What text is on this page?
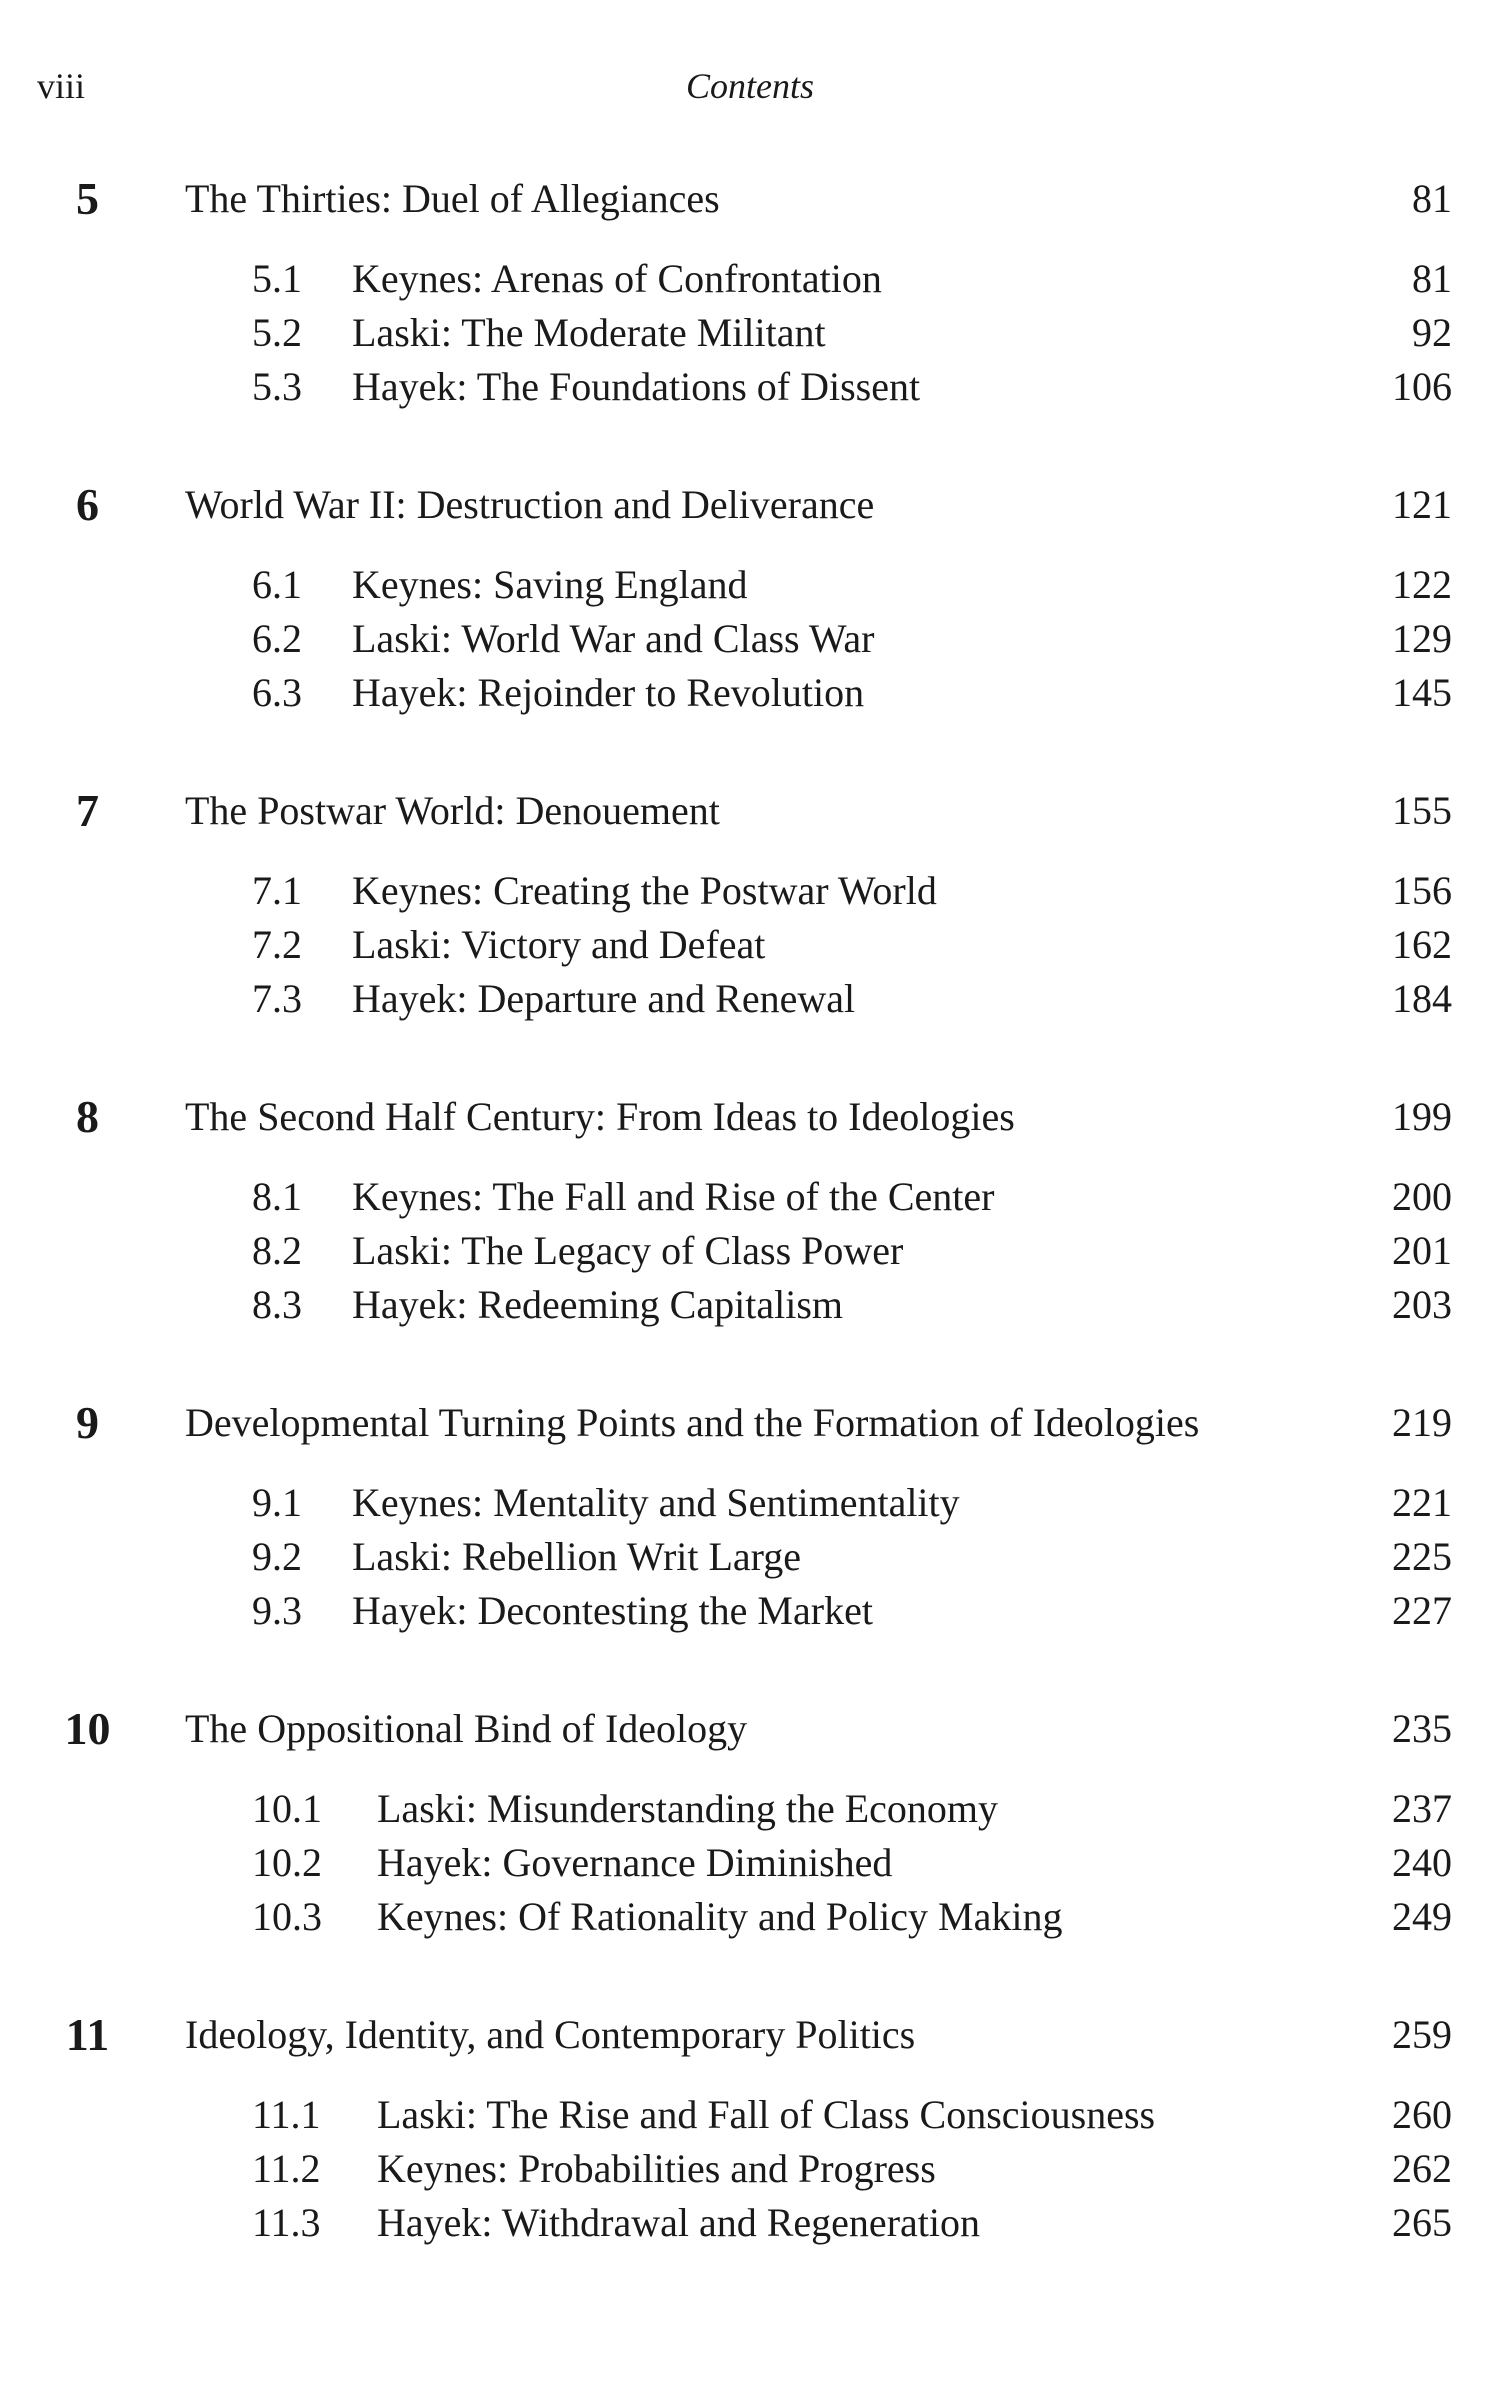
viii	Contents
5	The Thirties: Duel of Allegiances	81
5.1 Keynes: Arenas of Confrontation	81
5.2 Laski: The Moderate Militant	92
5.3 Hayek: The Foundations of Dissent	106
6	World War II: Destruction and Deliverance	121
6.1 Keynes: Saving England	122
6.2 Laski: World War and Class War	129
6.3 Hayek: Rejoinder to Revolution	145
7	The Postwar World: Denouement	155
7.1 Keynes: Creating the Postwar World	156
7.2 Laski: Victory and Defeat	162
7.3 Hayek: Departure and Renewal	184
8	The Second Half Century: From Ideas to Ideologies	199
8.1 Keynes: The Fall and Rise of the Center	200
8.2 Laski: The Legacy of Class Power	201
8.3 Hayek: Redeeming Capitalism	203
9	Developmental Turning Points and the Formation of Ideologies	219
9.1 Keynes: Mentality and Sentimentality	221
9.2 Laski: Rebellion Writ Large	225
9.3 Hayek: Decontesting the Market	227
10	The Oppositional Bind of Ideology	235
10.1 Laski: Misunderstanding the Economy	237
10.2 Hayek: Governance Diminished	240
10.3 Keynes: Of Rationality and Policy Making	249
11	Ideology, Identity, and Contemporary Politics	259
11.1 Laski: The Rise and Fall of Class Consciousness	260
11.2 Keynes: Probabilities and Progress	262
11.3 Hayek: Withdrawal and Regeneration	265
